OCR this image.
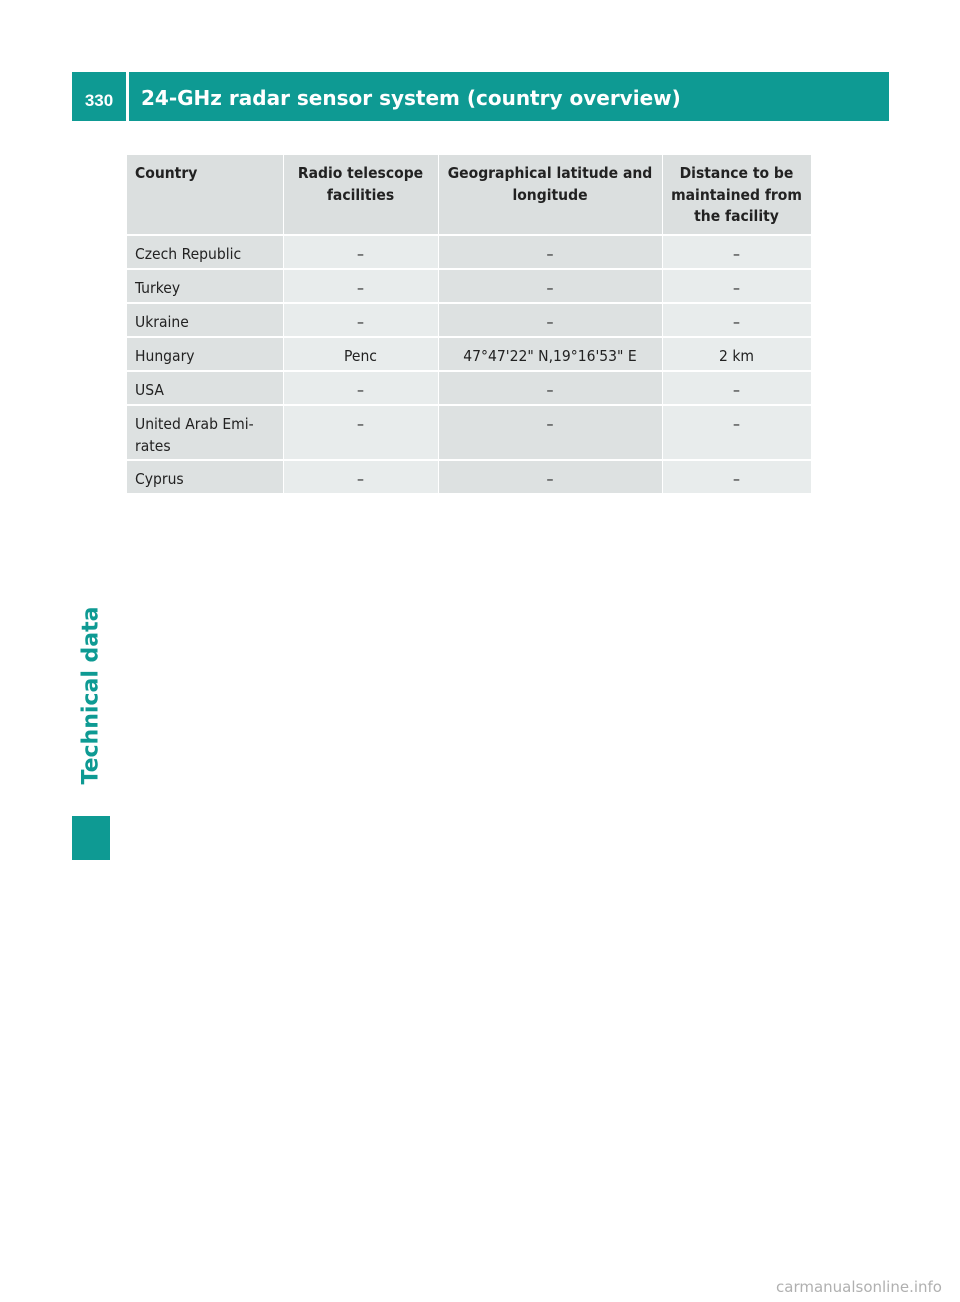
330	24-GHz radar sensor system (country overview)
Technical data
Country	Radio telescope facilities	Geographical latitude and longitude	Distance to be maintained from the facility
Czech Republic	–	–	–
Turkey	–	–	–
Ukraine	–	–	–
Hungary	Penc	47°47'22" N,19°16'53" E	2 km
USA	–	–	–
United Arab Emi-rates	–	–	–
Cyprus	–	–	–
carmanualsonline.info
